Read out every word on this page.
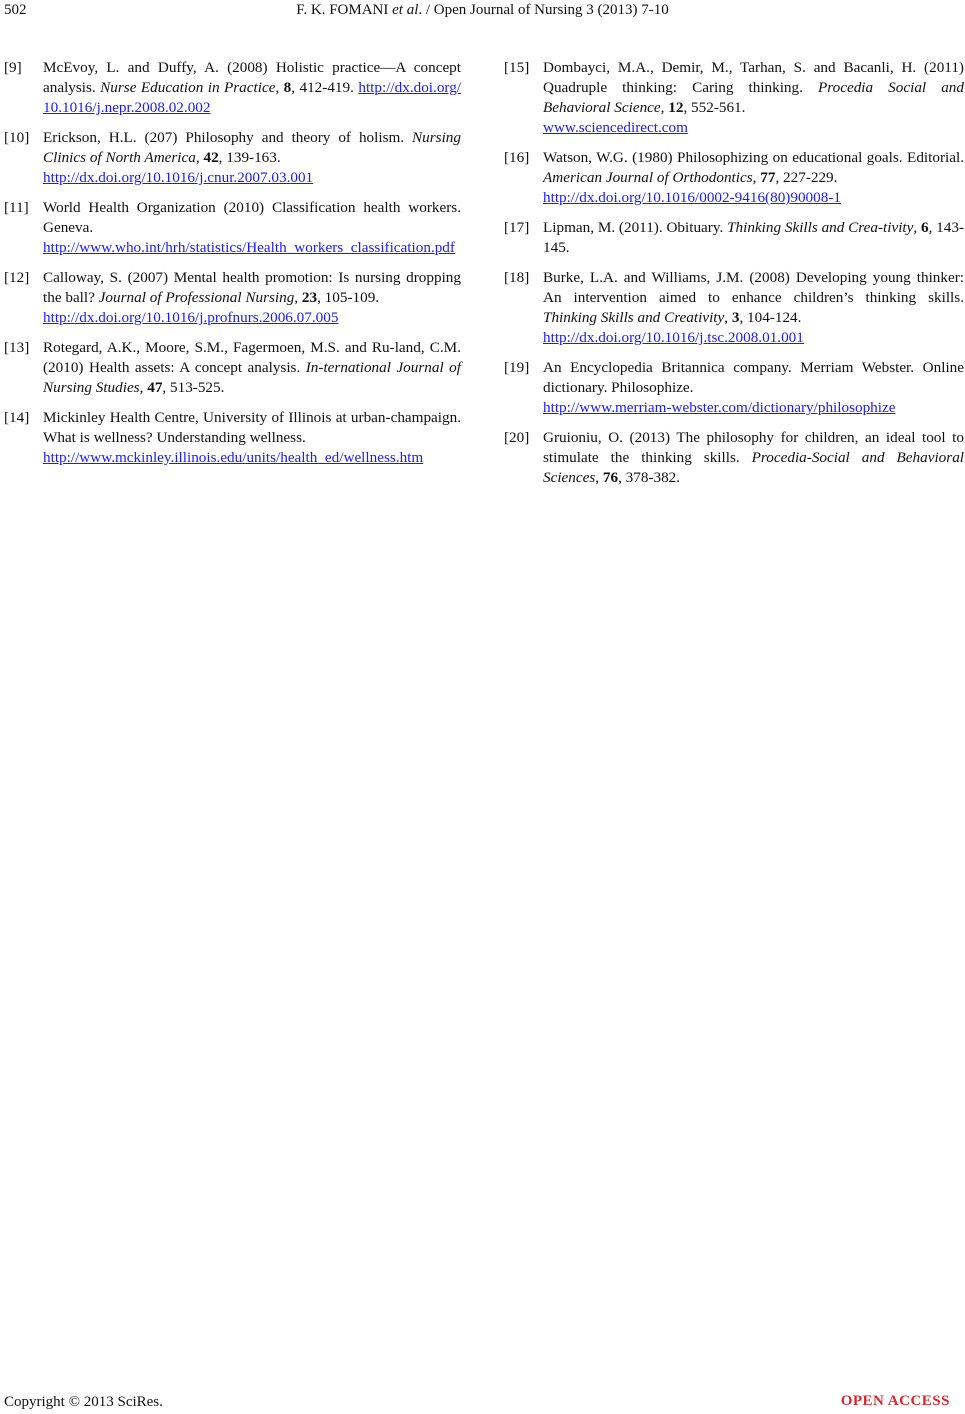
502	F. K. FOMANI et al. / Open Journal of Nursing 3 (2013) 7-10
[9] McEvoy, L. and Duffy, A. (2008) Holistic practice—A concept analysis. Nurse Education in Practice, 8, 412-419. http://dx.doi.org/10.1016/j.nepr.2008.02.002
[10] Erickson, H.L. (207) Philosophy and theory of holism. Nursing Clinics of North America, 42, 139-163.
http://dx.doi.org/10.1016/j.cnur.2007.03.001
[11] World Health Organization (2010) Classification health workers. Geneva.
http://www.who.int/hrh/statistics/Health_workers_classification.pdf
[12] Calloway, S. (2007) Mental health promotion: Is nursing dropping the ball? Journal of Professional Nursing, 23, 105-109.
http://dx.doi.org/10.1016/j.profnurs.2006.07.005
[13] Rotegard, A.K., Moore, S.M., Fagermoen, M.S. and Ru-land, C.M. (2010) Health assets: A concept analysis. In-ternational Journal of Nursing Studies, 47, 513-525.
[14] Mickinley Health Centre, University of Illinois at urban-champaign. What is wellness? Understanding wellness.
http://www.mckinley.illinois.edu/units/health_ed/wellness.htm
[15] Dombayci, M.A., Demir, M., Tarhan, S. and Bacanli, H. (2011) Quadruple thinking: Caring thinking. Procedia Social and Behavioral Science, 12, 552-561.
www.sciencedirect.com
[16] Watson, W.G. (1980) Philosophizing on educational goals. Editorial. American Journal of Orthodontics, 77, 227-229.
http://dx.doi.org/10.1016/0002-9416(80)90008-1
[17] Lipman, M. (2011). Obituary. Thinking Skills and Crea-tivity, 6, 143-145.
[18] Burke, L.A. and Williams, J.M. (2008) Developing young thinker: An intervention aimed to enhance children’s thinking skills. Thinking Skills and Creativity, 3, 104-124.
http://dx.doi.org/10.1016/j.tsc.2008.01.001
[19] An Encyclopedia Britannica company. Merriam Webster. Online dictionary. Philosophize.
http://www.merriam-webster.com/dictionary/philosophize
[20] Gruioniu, O. (2013) The philosophy for children, an ideal tool to stimulate the thinking skills. Procedia-Social and Behavioral Sciences, 76, 378-382.
Copyright © 2013 SciRes.	OPEN ACCESS
